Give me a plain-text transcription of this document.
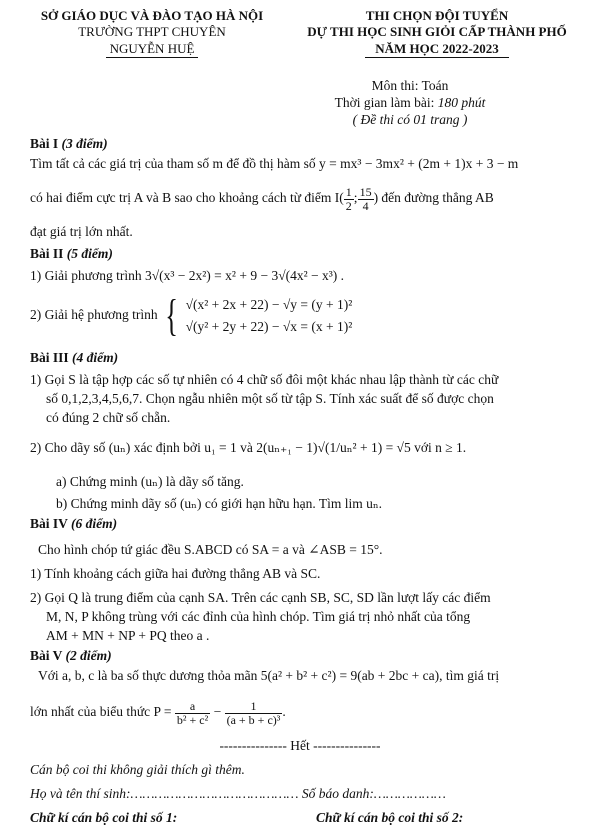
SỞ GIÁO DỤC VÀ ĐÀO TẠO HÀ NỘI
TRƯỜNG THPT CHUYÊN
NGUYỄN HUỆ
THI CHỌN ĐỘI TUYỂN
DỰ THI HỌC SINH GIỎI CẤP THÀNH PHỐ
NĂM HỌC 2022-2023
Môn thi: Toán
Thời gian làm bài: 180 phút
( Đề thi có 01 trang )
Bài I (3 điểm)
Tìm tất cả các giá trị của tham số m để đồ thị hàm số y = mx³ − 3mx² + (2m + 1)x + 3 − m
có hai điểm cực trị A và B sao cho khoảng cách từ điểm $I( \frac{1}{2}$ ; $\frac{15}{4}$ ) đến đường thẳng AB
đạt giá trị lớn nhất.
Bài II (5 điểm)
1) Giải phương trình 3√(x³ − 2x²) = x² + 9 − 3√(4x² − x³) .
2) Giải hệ phương trình { √(x² + 2x + 22) − √y = (y + 1)²
√(y² + 2y + 22) − √x = (x + 1)²
Bài III (4 điểm)
1) Gọi S là tập hợp các số tự nhiên có 4 chữ số đôi một khác nhau lập thành từ các chữ
số 0,1,2,3,4,5,6,7. Chọn ngẫu nhiên một số từ tập S. Tính xác suất để số được chọn
có đúng 2 chữ số chẵn.
2) Cho dãy số (uₙ) xác định bởi u₁ = 1 và 2(uₙ₊₁ − 1)√(1/uₙ² + 1) = √5 với n ≥ 1.
a) Chứng minh (uₙ) là dãy số tăng.
b) Chứng minh dãy số (uₙ) có giới hạn hữu hạn. Tìm lim uₙ.
Bài IV (6 điểm)
Cho hình chóp tứ giác đều S.ABCD có SA = a và ∠ASB = 15°.
1) Tính khoảng cách giữa hai đường thẳng AB và SC.
2) Gọi Q là trung điểm của cạnh SA. Trên các cạnh SB, SC, SD lần lượt lấy các điểm
M, N, P không trùng với các đỉnh của hình chóp. Tìm giá trị nhỏ nhất của tổng
AM + MN + NP + PQ theo a .
Bài V (2 điểm)
Với a, b, c là ba số thực dương thỏa mãn 5(a² + b² + c²) = 9(ab + 2bc + ca), tìm giá trị
lớn nhất của biểu thức $P = \frac{a}{\text{b² + c²}} - \frac{1}{\text{(a + b + c)³}}$ .
--------------- Hết ---------------
Cán bộ coi thi không giải thích gì thêm.
Họ và tên thí sinh:…………………………………… Số báo danh:………………
Chữ kí cán bộ coi thi số 1:	Chữ kí cán bộ coi thi số 2:
